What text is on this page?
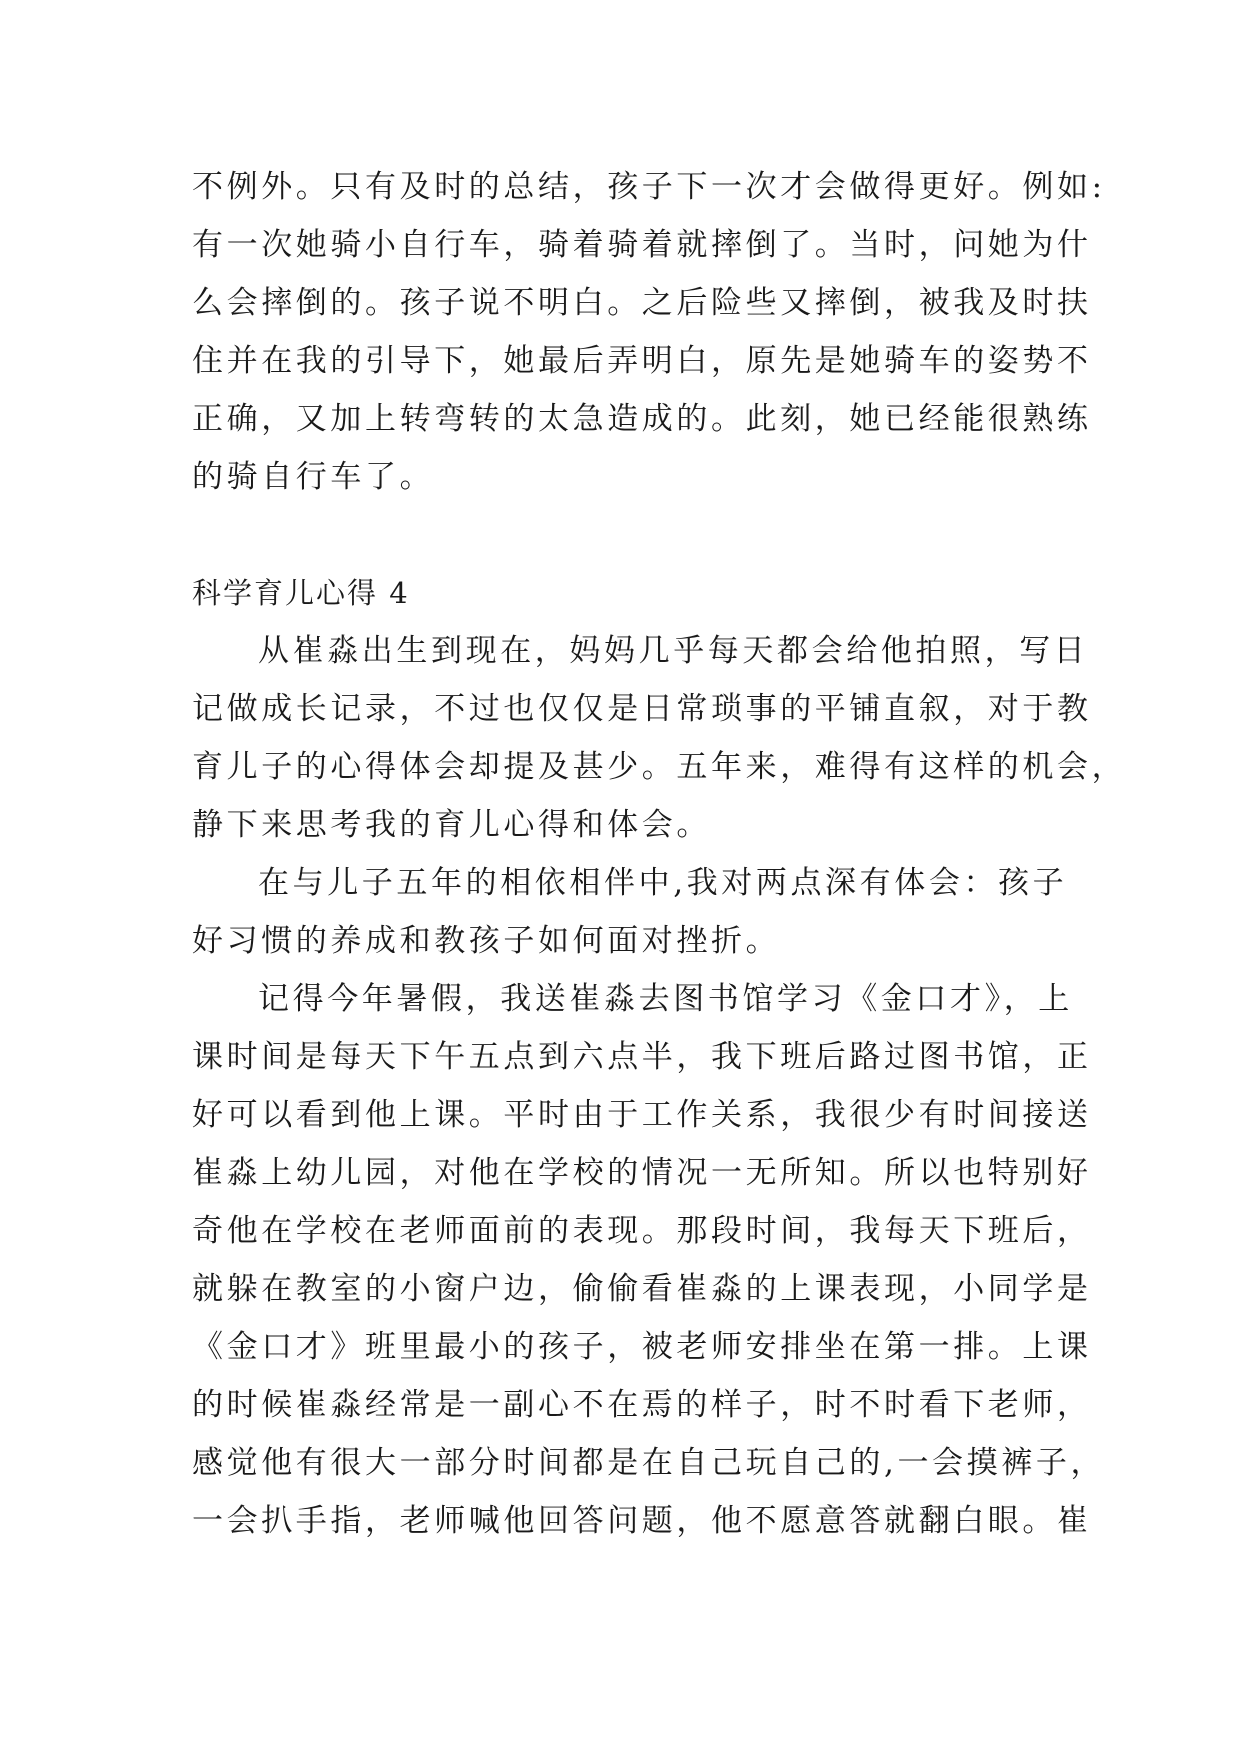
不例外。只有及时的总结，孩子下一次才会做得更好。例如:
有一次她骑小自行车，骑着骑着就摔倒了。当时，问她为什
么会摔倒的。孩子说不明白。之后险些又摔倒，被我及时扶
住并在我的引导下，她最后弄明白，原先是她骑车的姿势不
正确，又加上转弯转的太急造成的。此刻，她已经能很熟练
的骑自行车了。
科学育儿心得 4
从崔淼出生到现在，妈妈几乎每天都会给他拍照，写日
记做成长记录，不过也仅仅是日常琐事的平铺直叙，对于教
育儿子的心得体会却提及甚少。五年来，难得有这样的机会，
静下来思考我的育儿心得和体会。
在与儿子五年的相依相伴中,我对两点深有体会：孩子
好习惯的养成和教孩子如何面对挫折。
记得今年暑假，我送崔淼去图书馆学习《金口才》，上
课时间是每天下午五点到六点半，我下班后路过图书馆，正
好可以看到他上课。平时由于工作关系，我很少有时间接送
崔淼上幼儿园，对他在学校的情况一无所知。所以也特别好
奇他在学校在老师面前的表现。那段时间，我每天下班后，
就躲在教室的小窗户边，偷偷看崔淼的上课表现，小同学是
《金口才》班里最小的孩子，被老师安排坐在第一排。上课
的时候崔淼经常是一副心不在焉的样子，时不时看下老师，
感觉他有很大一部分时间都是在自己玩自己的,一会摸裤子，
一会扒手指，老师喊他回答问题，他不愿意答就翻白眼。崔
